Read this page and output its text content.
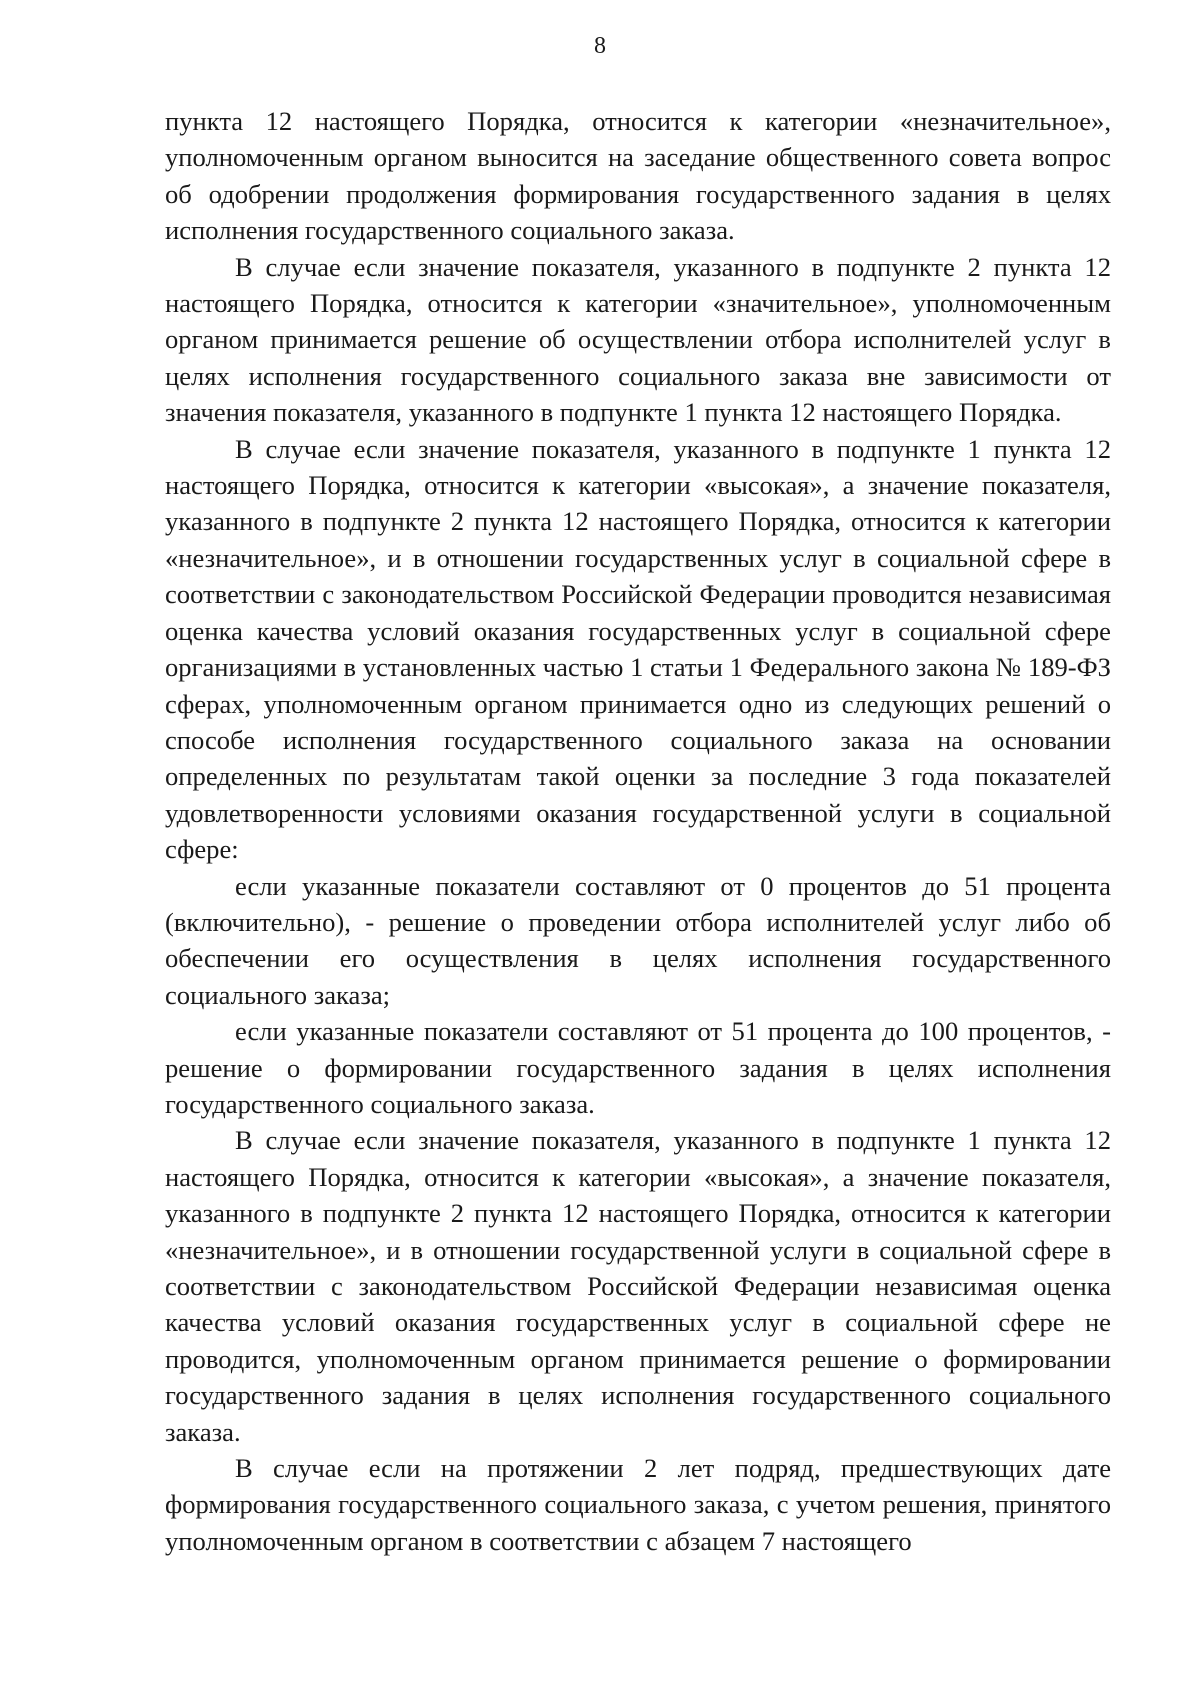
8

пункта 12 настоящего Порядка, относится к категории «незначительное», уполномоченным органом выносится на заседание общественного совета вопрос об одобрении продолжения формирования государственного задания в целях исполнения государственного социального заказа.

В случае если значение показателя, указанного в подпункте 2 пункта 12 настоящего Порядка, относится к категории «значительное», уполномоченным органом принимается решение об осуществлении отбора исполнителей услуг в целях исполнения государственного социального заказа вне зависимости от значения показателя, указанного в подпункте 1 пункта 12 настоящего Порядка.

В случае если значение показателя, указанного в подпункте 1 пункта 12 настоящего Порядка, относится к категории «высокая», а значение показателя, указанного в подпункте 2 пункта 12 настоящего Порядка, относится к категории «незначительное», и в отношении государственных услуг в социальной сфере в соответствии с законодательством Российской Федерации проводится независимая оценка качества условий оказания государственных услуг в социальной сфере организациями в установленных частью 1 статьи 1 Федерального закона № 189-ФЗ сферах, уполномоченным органом принимается одно из следующих решений о способе исполнения государственного социального заказа на основании определенных по результатам такой оценки за последние 3 года показателей удовлетворенности условиями оказания государственной услуги в социальной сфере:

если указанные показатели составляют от 0 процентов до 51 процента (включительно), - решение о проведении отбора исполнителей услуг либо об обеспечении его осуществления в целях исполнения государственного социального заказа;

если указанные показатели составляют от 51 процента до 100 процентов, - решение о формировании государственного задания в целях исполнения государственного социального заказа.

В случае если значение показателя, указанного в подпункте 1 пункта 12 настоящего Порядка, относится к категории «высокая», а значение показателя, указанного в подпункте 2 пункта 12 настоящего Порядка, относится к категории «незначительное», и в отношении государственной услуги в социальной сфере в соответствии с законодательством Российской Федерации независимая оценка качества условий оказания государственных услуг в социальной сфере не проводится, уполномоченным органом принимается решение о формировании государственного задания в целях исполнения государственного социального заказа.

В случае если на протяжении 2 лет подряд, предшествующих дате формирования государственного социального заказа, с учетом решения, принятого уполномоченным органом в соответствии с абзацем 7 настоящего
